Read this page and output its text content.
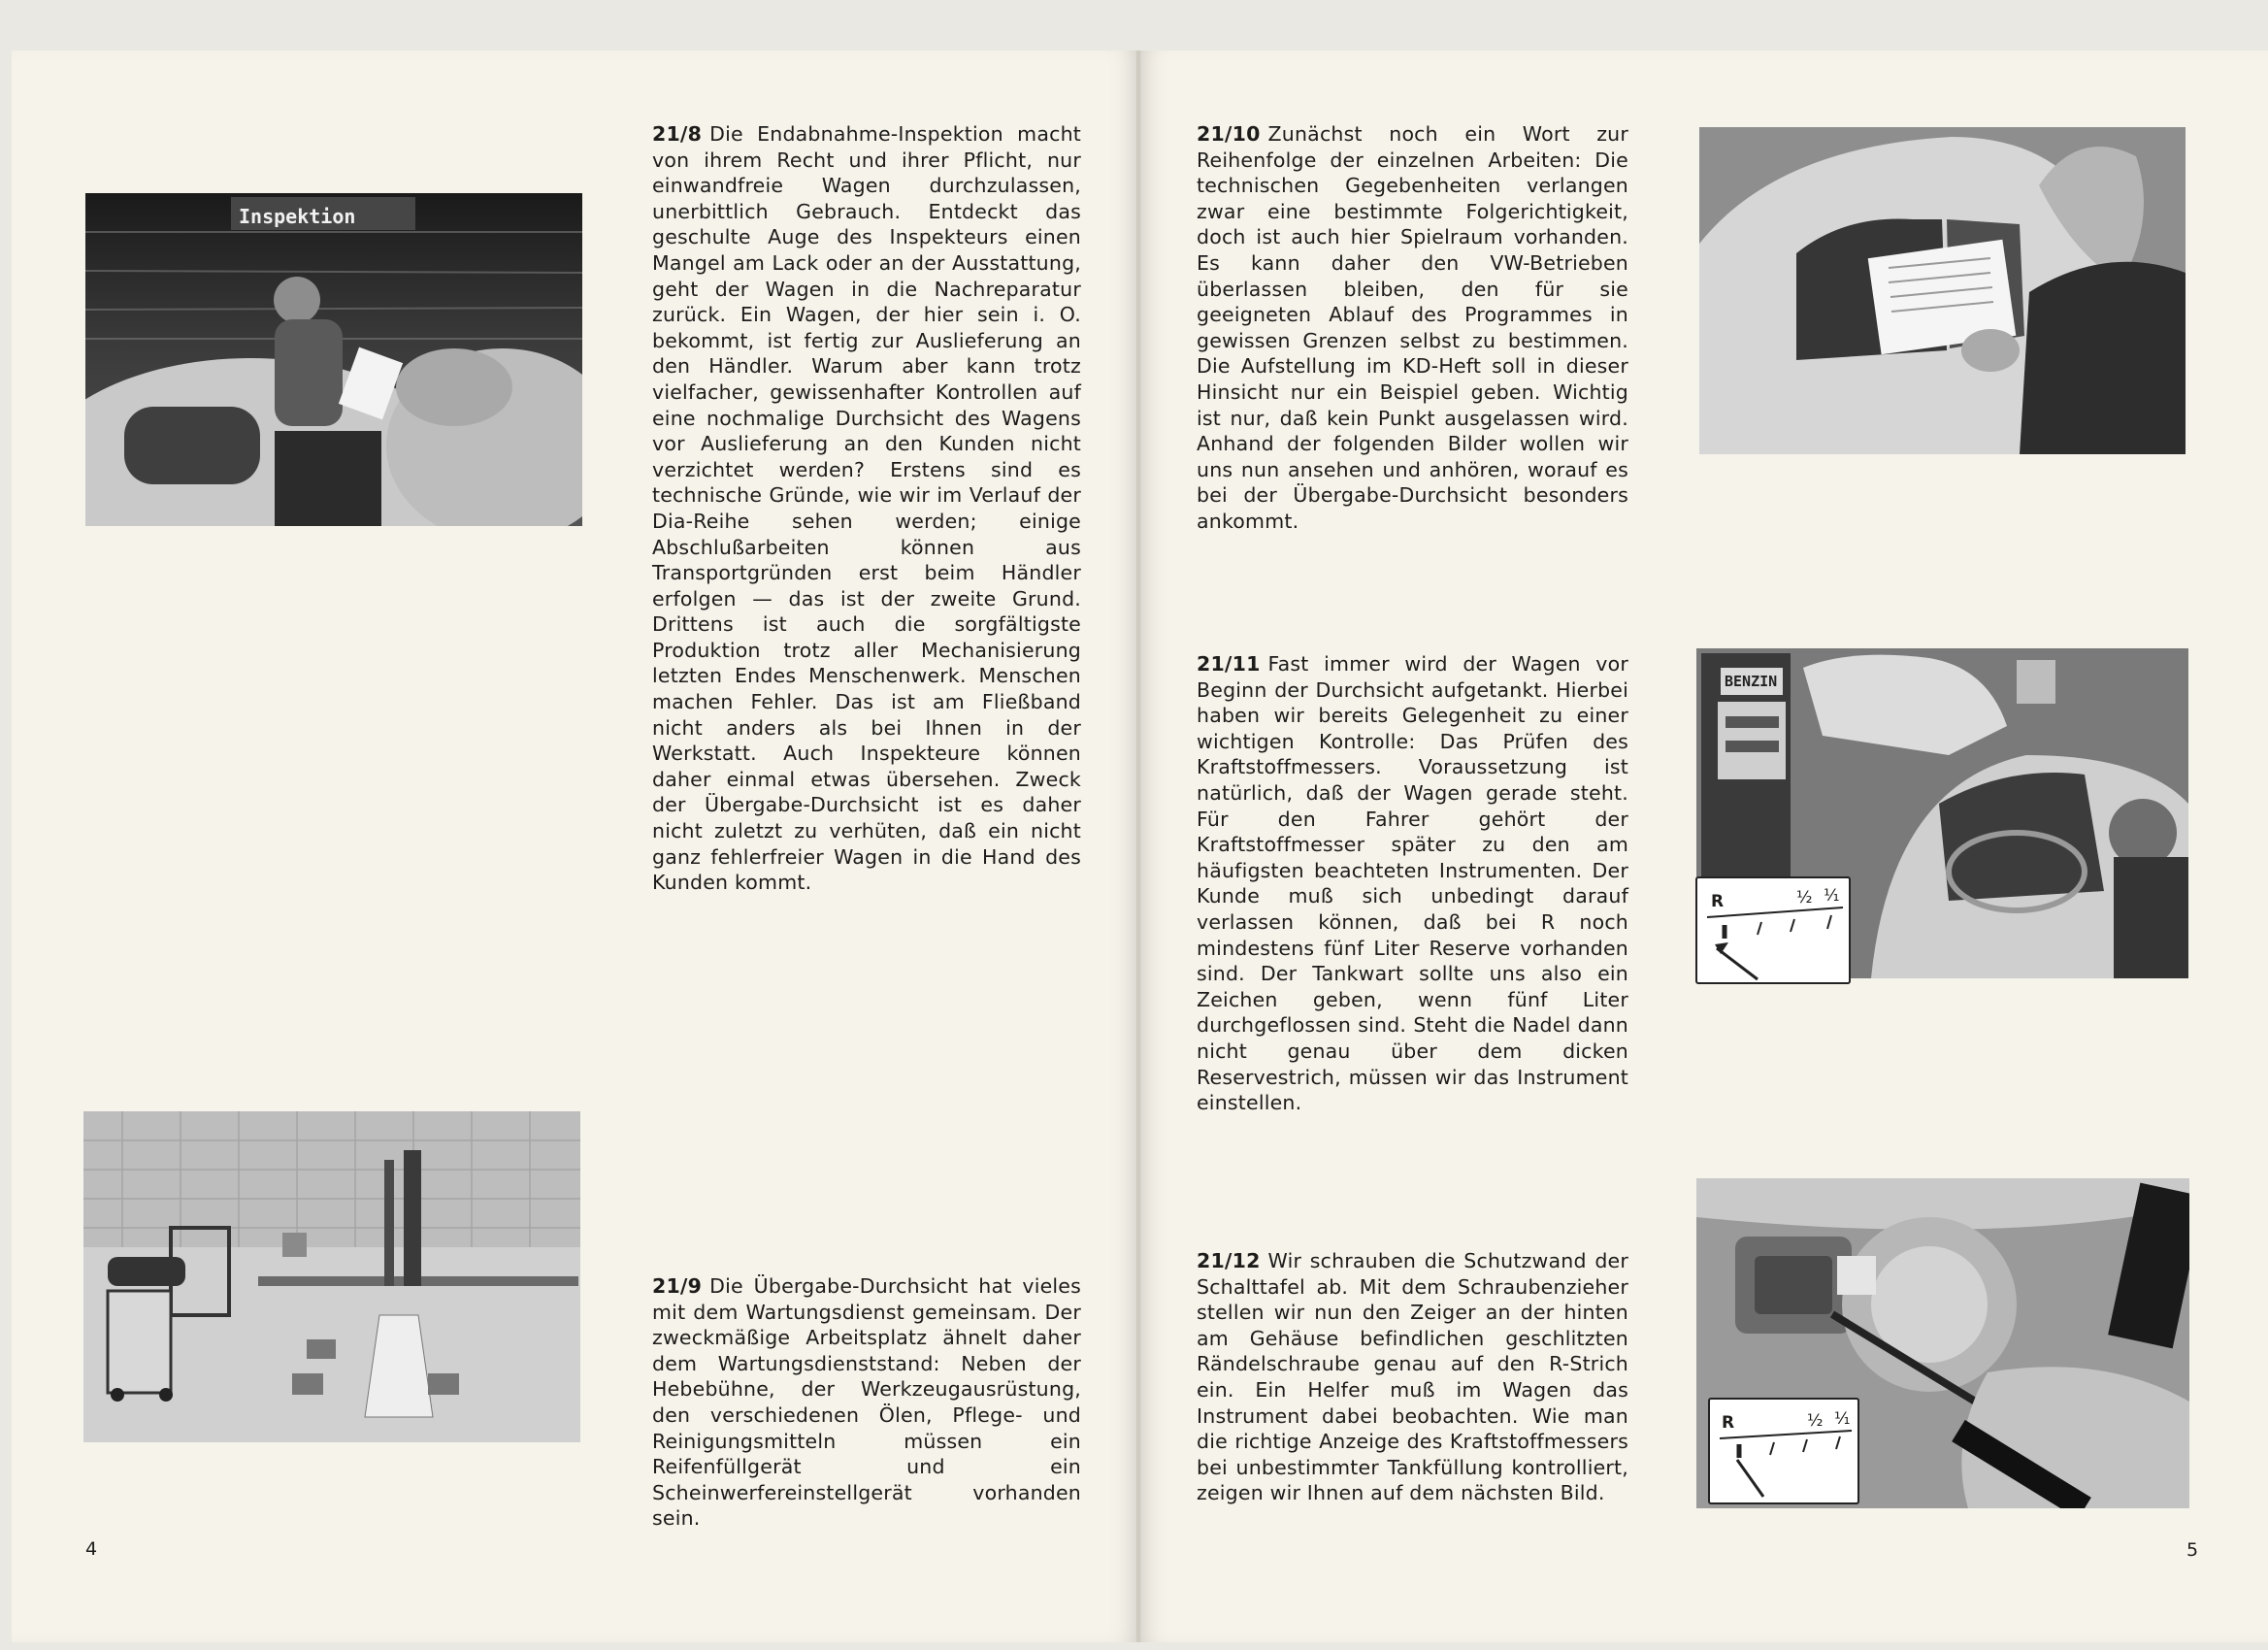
Inspektion
21/8 Die Endabnahme-Inspektion macht von ihrem Recht und ihrer Pflicht, nur einwandfreie Wagen durchzulassen, unerbittlich Gebrauch. Entdeckt das geschulte Auge des Inspekteurs einen Mangel am Lack oder an der Ausstattung, geht der Wagen in die Nachreparatur zurück. Ein Wagen, der hier sein i. O. bekommt, ist fertig zur Auslieferung an den Händler. Warum aber kann trotz vielfacher, gewissenhafter Kontrollen auf eine nochmalige Durchsicht des Wagens vor Auslieferung an den Kunden nicht verzichtet werden? Erstens sind es technische Gründe, wie wir im Verlauf der Dia-Reihe sehen werden; einige Abschlußarbeiten können aus Transportgründen erst beim Händler erfolgen — das ist der zweite Grund. Drittens ist auch die sorgfältigste Produktion trotz aller Mechanisierung letzten Endes Menschenwerk. Menschen machen Fehler. Das ist am Fließband nicht anders als bei Ihnen in der Werkstatt. Auch Inspekteure können daher einmal etwas übersehen. Zweck der Übergabe-Durchsicht ist es daher nicht zuletzt zu verhüten, daß ein nicht ganz fehlerfreier Wagen in die Hand des Kunden kommt.
21/9 Die Übergabe-Durchsicht hat vieles mit dem Wartungsdienst gemeinsam. Der zweckmäßige Arbeitsplatz ähnelt daher dem Wartungsdienststand: Neben der Hebebühne, der Werkzeugausrüstung, den verschiedenen Ölen, Pflege- und Reinigungsmitteln müssen ein Reifenfüllgerät und ein Scheinwerfereinstellgerät vorhanden sein.
4
21/10 Zunächst noch ein Wort zur Reihenfolge der einzelnen Arbeiten: Die technischen Gegebenheiten verlangen zwar eine bestimmte Folgerichtigkeit, doch ist auch hier Spielraum vorhanden. Es kann daher den VW-Betrieben überlassen bleiben, den für sie geeigneten Ablauf des Programmes in gewissen Grenzen selbst zu bestimmen. Die Aufstellung im KD-Heft soll in dieser Hinsicht nur ein Beispiel geben. Wichtig ist nur, daß kein Punkt ausgelassen wird. Anhand der folgenden Bilder wollen wir uns nun ansehen und anhören, worauf es bei der Übergabe-Durchsicht besonders ankommt.
21/11 Fast immer wird der Wagen vor Beginn der Durchsicht aufgetankt. Hierbei haben wir bereits Gelegenheit zu einer wichtigen Kontrolle: Das Prüfen des Kraftstoffmessers. Voraussetzung ist natürlich, daß der Wagen gerade steht. Für den Fahrer gehört der Kraftstoffmesser später zu den am häufigsten beachteten Instrumenten. Der Kunde muß sich unbedingt darauf verlassen können, daß bei R noch mindestens fünf Liter Reserve vorhanden sind. Der Tankwart sollte uns also ein Zeichen geben, wenn fünf Liter durchgeflossen sind. Steht die Nadel dann nicht genau über dem dicken Reservestrich, müssen wir das Instrument einstellen.
BENZIN
R	½ ¹⁄₁
R	½ ¹⁄₁
21/12 Wir schrauben die Schutzwand der Schalttafel ab. Mit dem Schraubenzieher stellen wir nun den Zeiger an der hinten am Gehäuse befindlichen geschlitzten Rändelschraube genau auf den R-Strich ein. Ein Helfer muß im Wagen das Instrument dabei beobachten. Wie man die richtige Anzeige des Kraftstoffmessers bei unbestimmter Tankfüllung kontrolliert, zeigen wir Ihnen auf dem nächsten Bild.
5
